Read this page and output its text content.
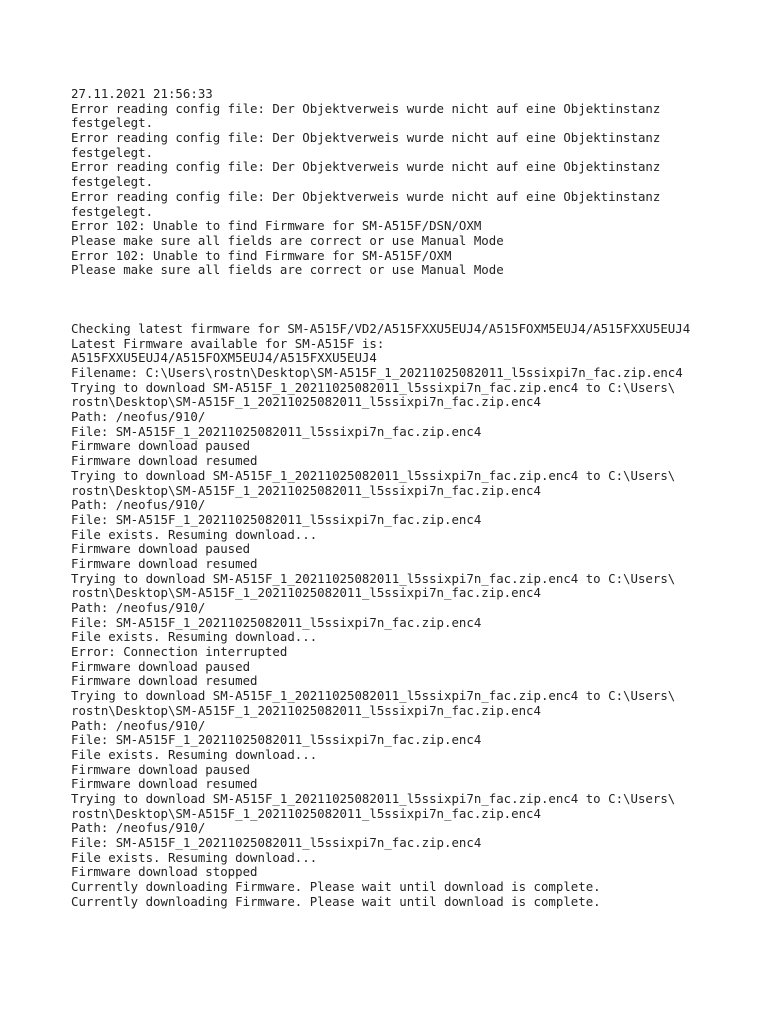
27.11.2021 21:56:33
Error reading config file: Der Objektverweis wurde nicht auf eine Objektinstanz
festgelegt.
Error reading config file: Der Objektverweis wurde nicht auf eine Objektinstanz
festgelegt.
Error reading config file: Der Objektverweis wurde nicht auf eine Objektinstanz
festgelegt.
Error reading config file: Der Objektverweis wurde nicht auf eine Objektinstanz
festgelegt.
Error 102: Unable to find Firmware for SM-A515F/DSN/OXM
Please make sure all fields are correct or use Manual Mode
Error 102: Unable to find Firmware for SM-A515F/OXM
Please make sure all fields are correct or use Manual Mode
Checking latest firmware for SM-A515F/VD2/A515FXXU5EUJ4/A515FOXM5EUJ4/A515FXXU5EUJ4
Latest Firmware available for SM-A515F is:
A515FXXU5EUJ4/A515FOXM5EUJ4/A515FXXU5EUJ4
Filename: C:\Users\rostn\Desktop\SM-A515F_1_20211025082011_l5ssixpi7n_fac.zip.enc4
Trying to download SM-A515F_1_20211025082011_l5ssixpi7n_fac.zip.enc4 to C:\Users\
rostn\Desktop\SM-A515F_1_20211025082011_l5ssixpi7n_fac.zip.enc4
Path: /neofus/910/
File: SM-A515F_1_20211025082011_l5ssixpi7n_fac.zip.enc4
Firmware download paused
Firmware download resumed
Trying to download SM-A515F_1_20211025082011_l5ssixpi7n_fac.zip.enc4 to C:\Users\
rostn\Desktop\SM-A515F_1_20211025082011_l5ssixpi7n_fac.zip.enc4
Path: /neofus/910/
File: SM-A515F_1_20211025082011_l5ssixpi7n_fac.zip.enc4
File exists. Resuming download...
Firmware download paused
Firmware download resumed
Trying to download SM-A515F_1_20211025082011_l5ssixpi7n_fac.zip.enc4 to C:\Users\
rostn\Desktop\SM-A515F_1_20211025082011_l5ssixpi7n_fac.zip.enc4
Path: /neofus/910/
File: SM-A515F_1_20211025082011_l5ssixpi7n_fac.zip.enc4
File exists. Resuming download...
Error: Connection interrupted
Firmware download paused
Firmware download resumed
Trying to download SM-A515F_1_20211025082011_l5ssixpi7n_fac.zip.enc4 to C:\Users\
rostn\Desktop\SM-A515F_1_20211025082011_l5ssixpi7n_fac.zip.enc4
Path: /neofus/910/
File: SM-A515F_1_20211025082011_l5ssixpi7n_fac.zip.enc4
File exists. Resuming download...
Firmware download paused
Firmware download resumed
Trying to download SM-A515F_1_20211025082011_l5ssixpi7n_fac.zip.enc4 to C:\Users\
rostn\Desktop\SM-A515F_1_20211025082011_l5ssixpi7n_fac.zip.enc4
Path: /neofus/910/
File: SM-A515F_1_20211025082011_l5ssixpi7n_fac.zip.enc4
File exists. Resuming download...
Firmware download stopped
Currently downloading Firmware. Please wait until download is complete.
Currently downloading Firmware. Please wait until download is complete.
